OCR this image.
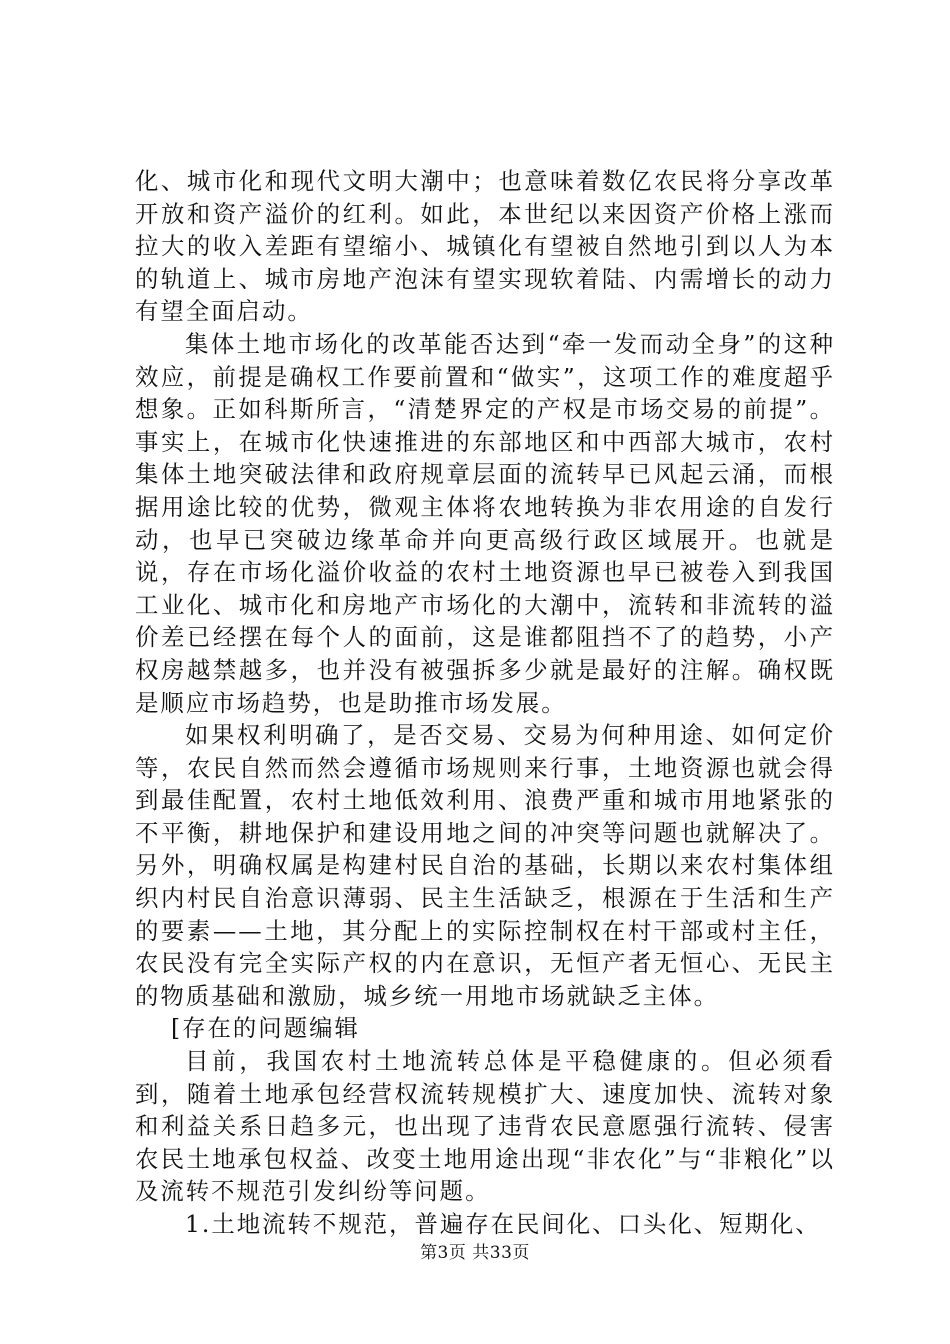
化、城市化和现代文明大潮中；也意味着数亿农民将分享改革开放和资产溢价的红利。如此，本世纪以来因资产价格上涨而拉大的收入差距有望缩小、城镇化有望被自然地引到以人为本的轨道上、城市房地产泡沫有望实现软着陆、内需增长的动力有望全面启动。

集体土地市场化的改革能否达到“牵一发而动全身”的这种效应，前提是确权工作要前置和“做实”，这项工作的难度超乎想象。正如科斯所言，“清楚界定的产权是市场交易的前提”。事实上，在城市化快速推进的东部地区和中西部大城市，农村集体土地突破法律和政府规章层面的流转早已风起云涌，而根据用途比较的优势，微观主体将农地转换为非农用途的自发行动，也早已突破边缘革命并向更高级行政区域展开。也就是说，存在市场化溢价收益的农村土地资源也早已被卷入到我国工业化、城市化和房地产市场化的大潮中，流转和非流转的溢价差已经摆在每个人的面前，这是谁都阻挡不了的趋势，小产权房越禁越多，也并没有被强拆多少就是最好的注解。确权既是顺应市场趋势，也是助推市场发展。

如果权利明确了，是否交易、交易为何种用途、如何定价等，农民自然而然会遵循市场规则来行事，土地资源也就会得到最佳配置，农村土地低效利用、浪费严重和城市用地紧张的不平衡，耕地保护和建设用地之间的冲突等问题也就解决了。另外，明确权属是构建村民自治的基础，长期以来农村集体组织内村民自治意识薄弱、民主生活缺乏，根源在于生活和生产的要素——土地，其分配上的实际控制权在村干部或村主任，农民没有完全实际产权的内在意识，无恒产者无恒心、无民主的物质基础和激励，城乡统一用地市场就缺乏主体。

[存在的问题编辑

目前，我国农村土地流转总体是平稳健康的。但必须看到，随着土地承包经营权流转规模扩大、速度加快、流转对象和利益关系日趋多元，也出现了违背农民意愿强行流转、侵害农民土地承包权益、改变土地用途出现“非农化”与“非粮化”以及流转不规范引发纠纷等问题。

1.土地流转不规范，普遍存在民间化、口头化、短期化、

第3页 共33页
